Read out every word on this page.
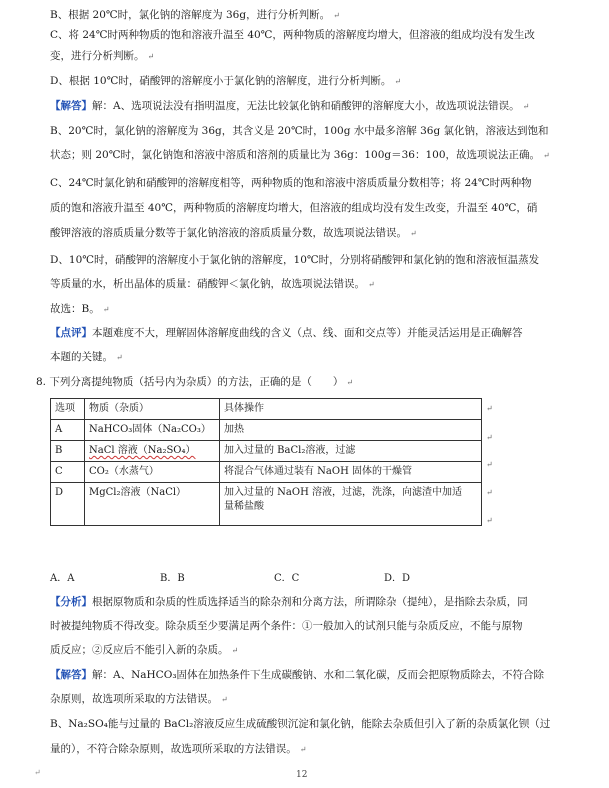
B、根据 20℃时，氯化钠的溶解度为 36g，进行分析判断。 ↵
C、将 24℃时两种物质的饱和溶液升温至 40℃，两种物质的溶解度均增大，但溶液的组成均没有发生改
变，进行分析判断。 ↵
D、根据 10℃时，硝酸钾的溶解度小于氯化钠的溶解度，进行分析判断。 ↵
【解答】解：A、选项说法没有指明温度，无法比较氯化钠和硝酸钾的溶解度大小，故选项说法错误。 ↵
B、20℃时，氯化钠的溶解度为 36g，其含义是 20℃时，100g 水中最多溶解 36g 氯化钠，溶液达到饱和
状态；则 20℃时，氯化钠饱和溶液中溶质和溶剂的质量比为 36g：100g＝36：100，故选项说法正确。 ↵
C、24℃时氯化钠和硝酸钾的溶解度相等，两种物质的饱和溶液中溶质质量分数相等；将 24℃时两种物
质的饱和溶液升温至 40℃，两种物质的溶解度均增大，但溶液的组成均没有发生改变，升温至 40℃，硝
酸钾溶液的溶质质量分数等于氯化钠溶液的溶质质量分数，故选项说法错误。 ↵
D、10℃时，硝酸钾的溶解度小于氯化钠的溶解度，10℃时，分别将硝酸钾和氯化钠的饱和溶液恒温蒸发
等质量的水，析出晶体的质量：硝酸钾＜氯化钠，故选项说法错误。 ↵
故选：B。 ↵
【点评】本题难度不大，理解固体溶解度曲线的含义（点、线、面和交点等）并能灵活运用是正确解答
本题的关键。 ↵
8. 下列分离提纯物质（括号内为杂质）的方法，正确的是（　　） ↵
选项	物质（杂质）	具体操作
A	NaHCO₃固体（Na₂CO₃）	加热
B	NaCl 溶液（Na₂SO₄）	加入过量的 BaCl₂溶液，过滤
C	CO₂（水蒸气）	将混合气体通过装有 NaOH 固体的干燥管
D	MgCl₂溶液（NaCl）	加入过量的 NaOH 溶液，过滤，洗涤，向滤渣中加适
量稀盐酸
↵
↵
↵
↵
↵
A．A	B．B	C．C	D．D
【分析】根据原物质和杂质的性质选择适当的除杂剂和分离方法，所谓除杂（提纯），是指除去杂质，同
时被提纯物质不得改变。除杂质至少要满足两个条件：①一般加入的试剂只能与杂质反应，不能与原物
质反应；②反应后不能引入新的杂质。 ↵
【解答】解：A、NaHCO₃固体在加热条件下生成碳酸钠、水和二氧化碳，反而会把原物质除去，不符合除
杂原则，故选项所采取的方法错误。 ↵
B、Na₂SO₄能与过量的 BaCl₂溶液反应生成硫酸钡沉淀和氯化钠，能除去杂质但引入了新的杂质氯化钡（过
量的），不符合除杂原则，故选项所采取的方法错误。 ↵
↵	12
